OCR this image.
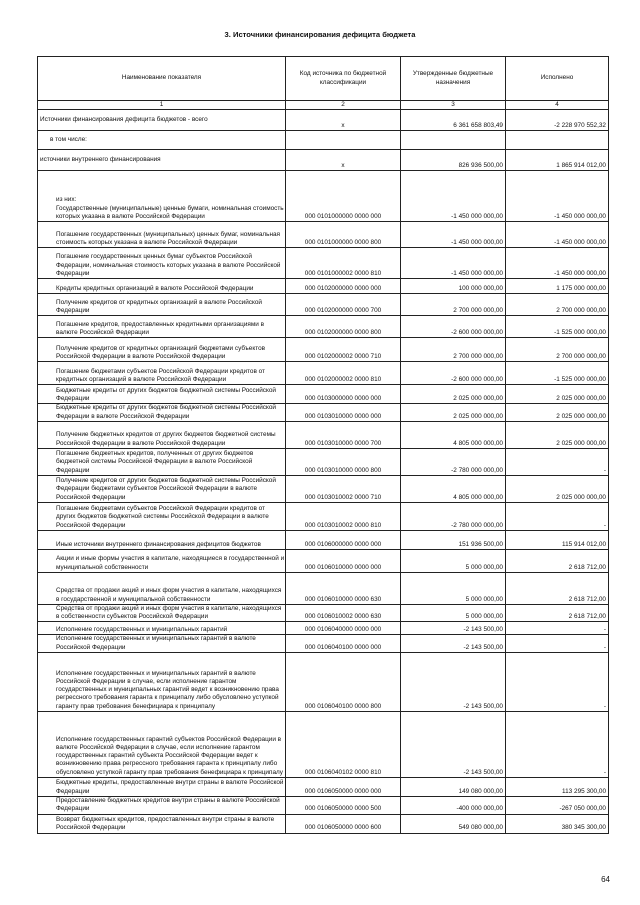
3. Источники финансирования дефицита бюджета
Наименование показателя	Код источника по бюджетной классификации	Утвержденные бюджетные назначения	Исполнено
1	2	3	4
Источники финансирования дефицита бюджетов - всего	x	6 361 658 803,49	-2 228 970 552,32
в том числе:			
источники внутреннего финансирования	x	826 936 500,00	1 865 914 012,00
из них:
Государственные (муниципальные) ценные бумаги, номинальная стоимость которых указана в валюте Российской Федерации	000 0101000000 0000 000	-1 450 000 000,00	-1 450 000 000,00
Погашение государственных (муниципальных) ценных бумаг, номинальная стоимость которых указана в валюте Российской Федерации	000 0101000000 0000 800	-1 450 000 000,00	-1 450 000 000,00
Погашение государственных ценных бумаг субъектов Российской Федерации, номинальная стоимость которых указана в валюте Российской Федерации	000 0101000002 0000 810	-1 450 000 000,00	-1 450 000 000,00
Кредиты кредитных организаций в валюте Российской Федерации	000 0102000000 0000 000	100 000 000,00	1 175 000 000,00
Получение кредитов от кредитных организаций в валюте Российской Федерации	000 0102000000 0000 700	2 700 000 000,00	2 700 000 000,00
Погашение кредитов, предоставленных кредитными организациями в валюте Российской Федерации	000 0102000000 0000 800	-2 600 000 000,00	-1 525 000 000,00
Получение кредитов от кредитных организаций бюджетами субъектов Российской Федерации в валюте Российской Федерации	000 0102000002 0000 710	2 700 000 000,00	2 700 000 000,00
Погашение бюджетами субъектов Российской Федерации кредитов от кредитных организаций в валюте Российской Федерации	000 0102000002 0000 810	-2 600 000 000,00	-1 525 000 000,00
Бюджетные кредиты от других бюджетов бюджетной системы Российской Федерации	000 0103000000 0000 000	2 025 000 000,00	2 025 000 000,00
Бюджетные кредиты от других бюджетов бюджетной системы Российской Федерации в валюте Российской Федерации	000 0103010000 0000 000	2 025 000 000,00	2 025 000 000,00
Получение бюджетных кредитов от других бюджетов бюджетной системы Российской Федерации в валюте Российской Федерации	000 0103010000 0000 700	4 805 000 000,00	2 025 000 000,00
Погашение бюджетных кредитов, полученных от других бюджетов бюджетной системы Российской Федерации в валюте Российской Федерации	000 0103010000 0000 800	-2 780 000 000,00	-
Получение кредитов от других бюджетов бюджетной системы Российской Федерации бюджетами субъектов Российской Федерации в валюте Российской Федерации	000 0103010002 0000 710	4 805 000 000,00	2 025 000 000,00
Погашение бюджетами субъектов Российской Федерации кредитов от других бюджетов бюджетной системы Российской Федерации в валюте Российской Федерации	000 0103010002 0000 810	-2 780 000 000,00	-
Иные источники внутреннего финансирования дефицитов бюджетов	000 0106000000 0000 000	151 936 500,00	115 914 012,00
Акции и иные формы участия в капитале, находящиеся в государственной и муниципальной собственности	000 0106010000 0000 000	5 000 000,00	2 618 712,00
Средства от продажи акций и иных форм участия в капитале, находящихся в государственной и муниципальной собственности	000 0106010000 0000 630	5 000 000,00	2 618 712,00
Средства от продажи акций и иных форм участия в капитале, находящихся в собственности субъектов Российской Федерации	000 0106010002 0000 630	5 000 000,00	2 618 712,00
Исполнение государственных и муниципальных гарантий	000 0106040000 0000 000	-2 143 500,00	-
Исполнение государственных и муниципальных гарантий в валюте Российской Федерации	000 0106040100 0000 000	-2 143 500,00	-
Исполнение государственных и муниципальных гарантий в валюте Российской Федерации в случае, если исполнение гарантом государственных и муниципальных гарантий ведет к возникновению права регрессного требования гаранта к принципалу либо обусловлено уступкой гаранту прав требования бенефициара к принципалу	000 0106040100 0000 800	-2 143 500,00	-
Исполнение государственных гарантий субъектов Российской Федерации в валюте Российской Федерации в случае, если исполнение гарантом государственных гарантий субъекта Российской Федерации ведет к возникновению права регрессного требования гаранта к принципалу либо обусловлено уступкой гаранту прав требования бенефициара к принципалу	000 0106040102 0000 810	-2 143 500,00	-
Бюджетные кредиты, предоставленные внутри страны в валюте Российской Федерации	000 0106050000 0000 000	149 080 000,00	113 295 300,00
Предоставление бюджетных кредитов внутри страны в валюте Российской Федерации	000 0106050000 0000 500	-400 000 000,00	-267 050 000,00
Возврат бюджетных кредитов, предоставленных внутри страны в валюте Российской Федерации	000 0106050000 0000 600	549 080 000,00	380 345 300,00
64
